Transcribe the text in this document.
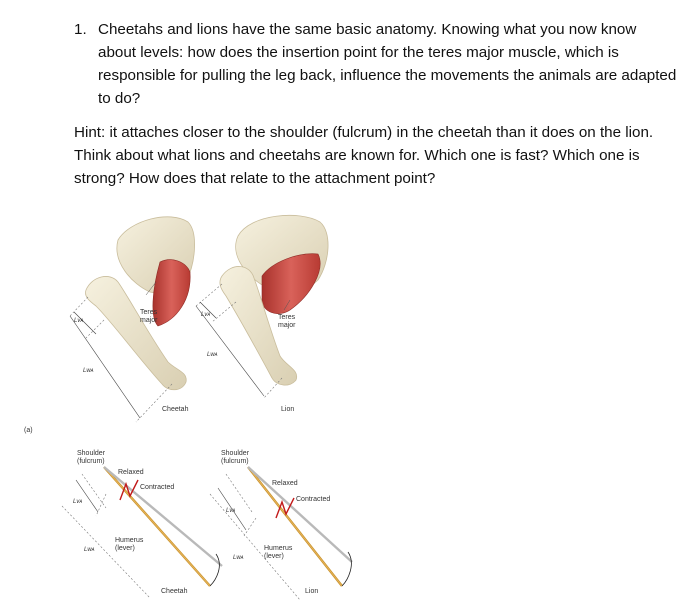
1. Cheetahs and lions have the same basic anatomy. Knowing what you now know about levels: how does the insertion point for the teres major muscle, which is responsible for pulling the leg back, influence the movements the animals are adapted to do?
Hint: it attaches closer to the shoulder (fulcrum) in the cheetah than it does on the lion. Think about what lions and cheetahs are known for. Which one is fast? Which one is strong? How does that relate to the attachment point?
Teres major
Lᴠᴀ
Lᴡᴀ
Cheetah
Teres major
Lᴠᴀ
Lᴡᴀ
Lion
(a)
Shoulder (fulcrum)
Relaxed
Contracted
Humerus (lever)
Lᴠᴀ
Lᴡᴀ
Cheetah
Shoulder (fulcrum)
Relaxed
Contracted
Humerus (lever)
Lᴠᴀ
Lᴡᴀ
Lion
